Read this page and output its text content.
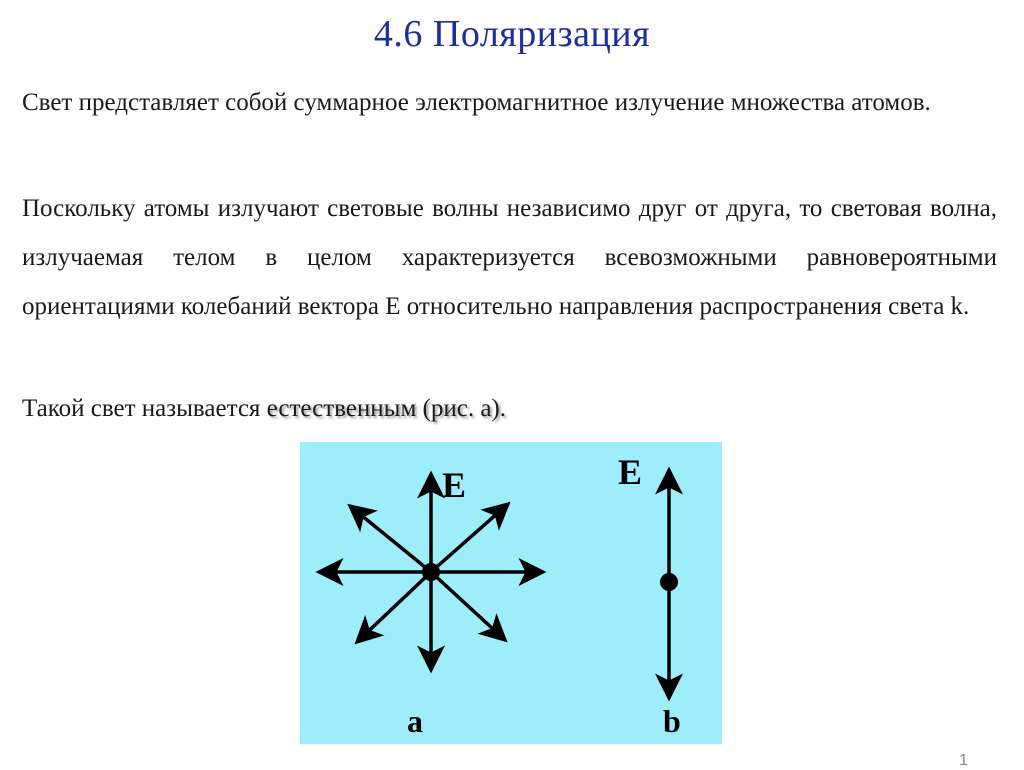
4.6 Поляризация
Свет представляет собой суммарное электромагнитное излучение множества атомов.
Поскольку атомы излучают световые волны независимо друг от друга, то световая волна, излучаемая телом в целом характеризуется всевозможными равновероятными ориентациями колебаний вектора E относительно направления распространения света k.
Такой свет называется естественным (рис. а).
E	E
a	b
1
